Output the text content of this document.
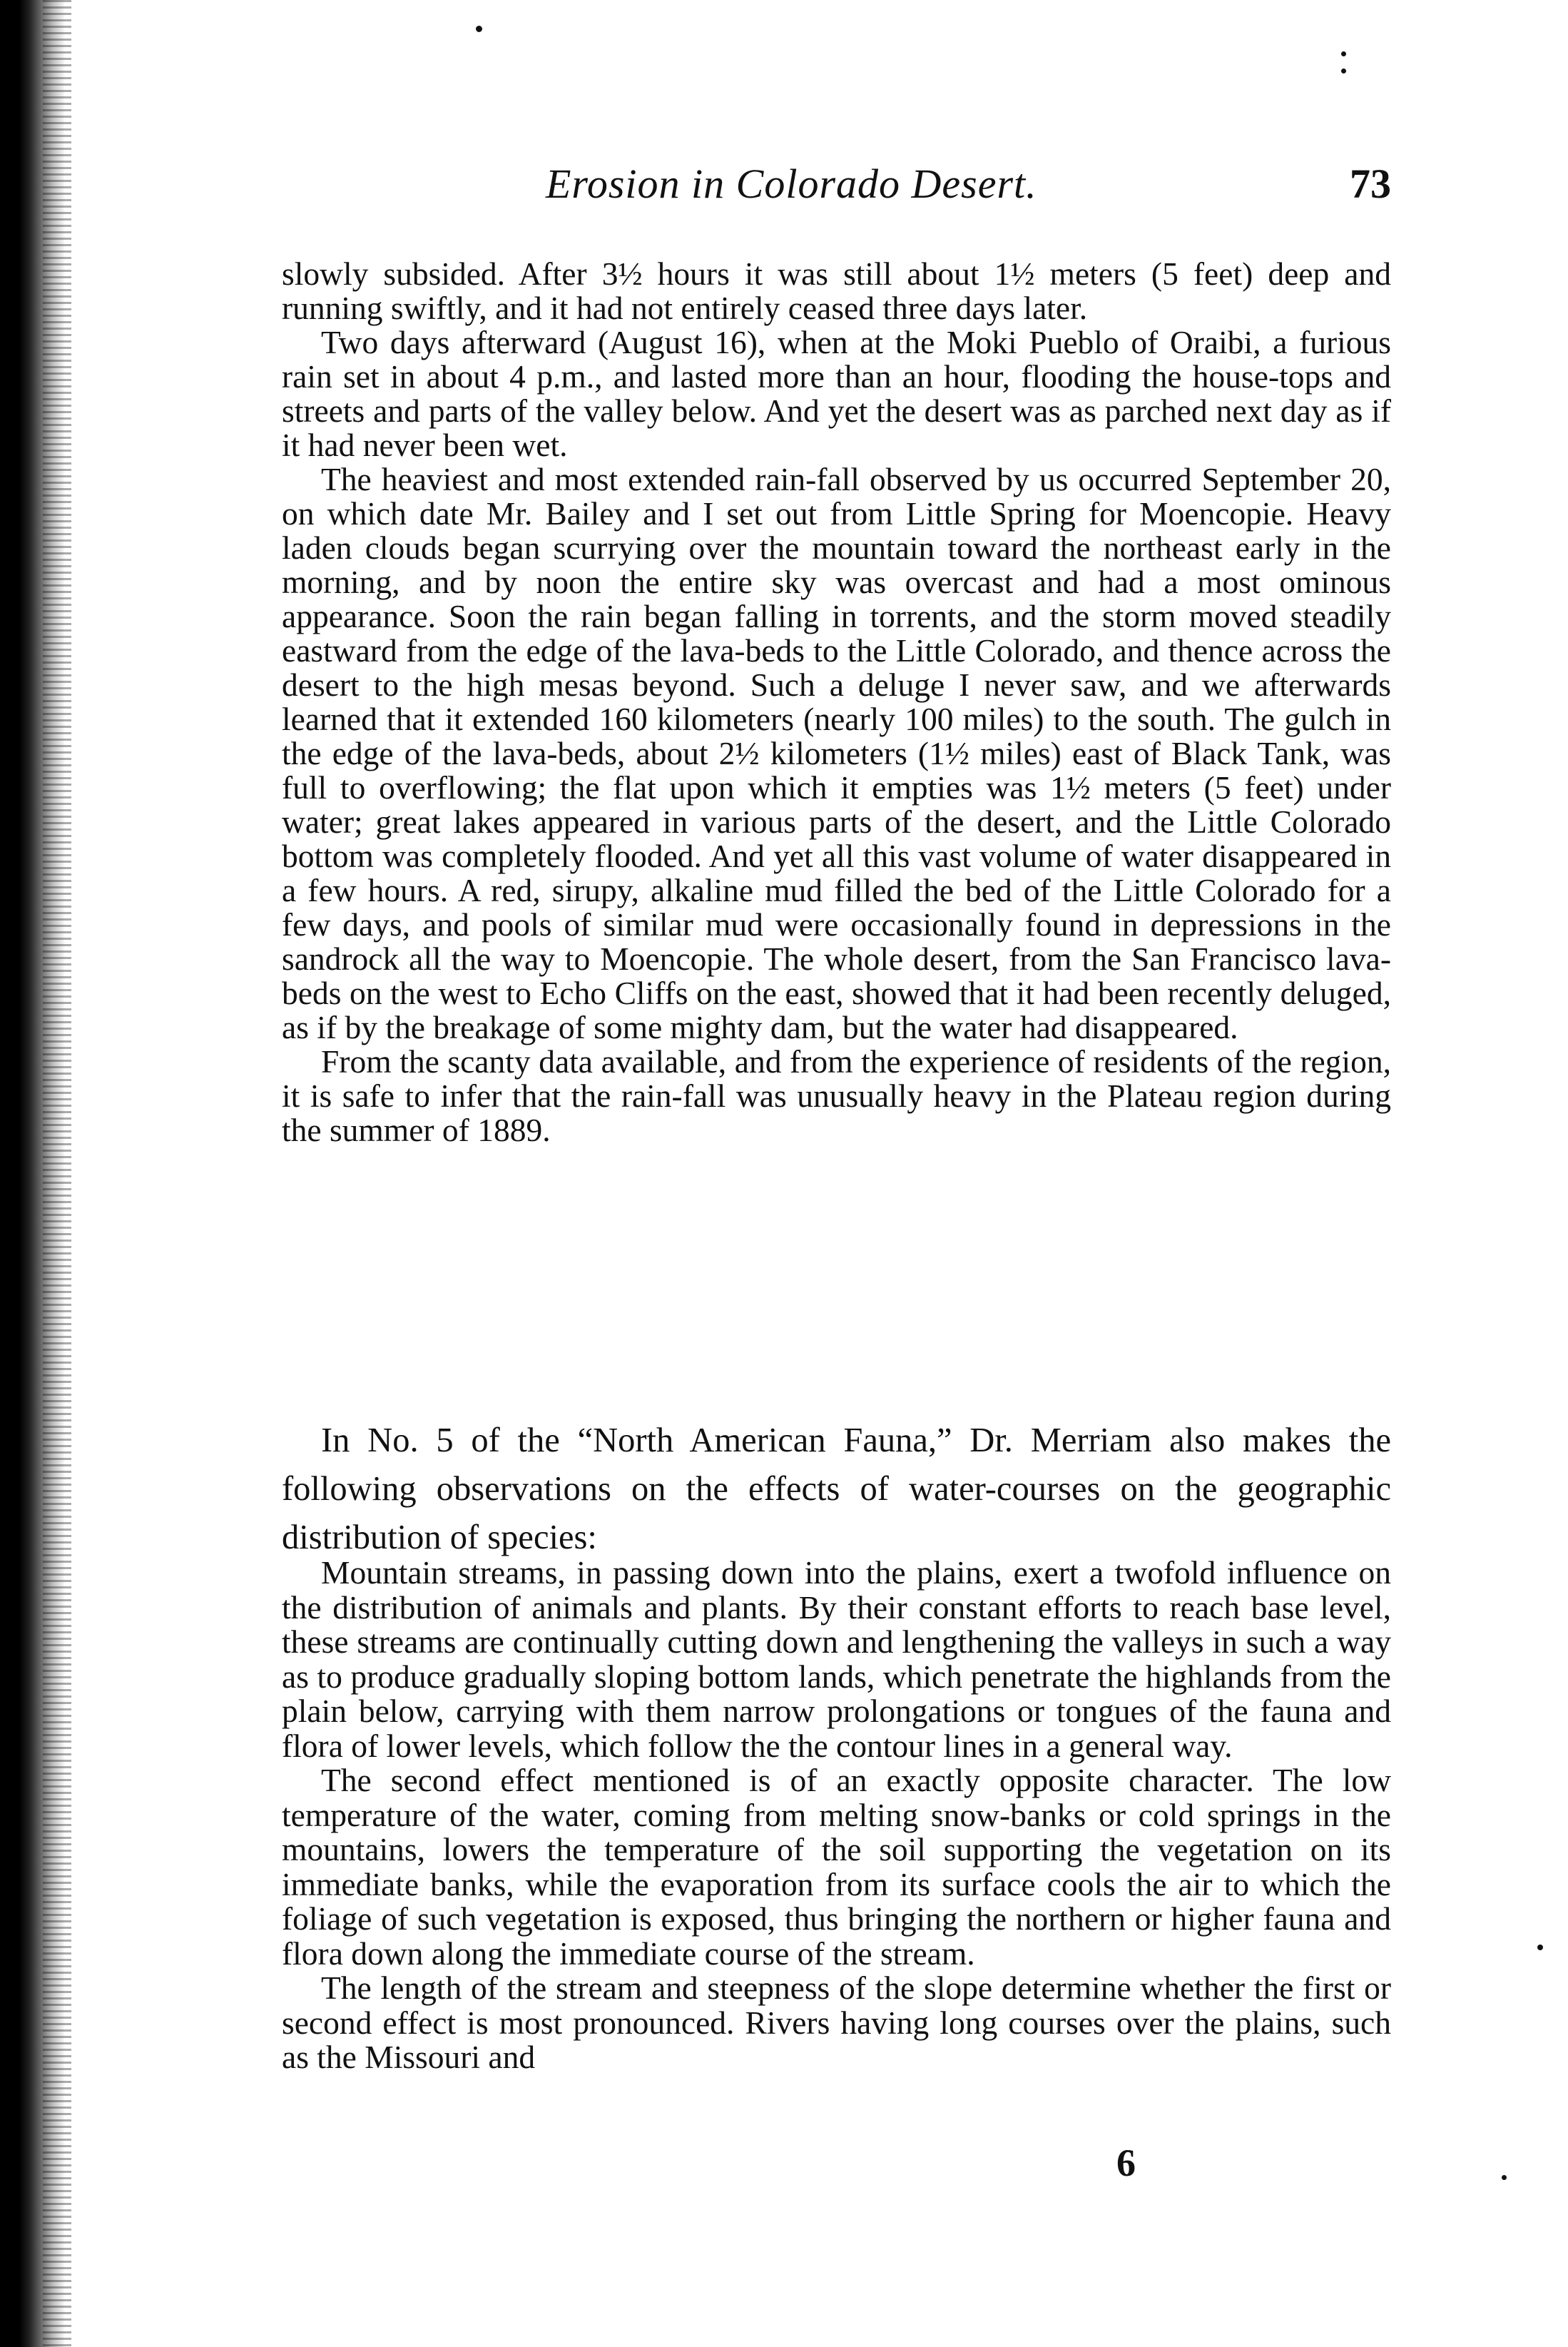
Erosion in Colorado Desert.	73

slowly subsided. After 3½ hours it was still about 1½ meters (5 feet) deep and running swiftly, and it had not entirely ceased three days later.

Two days afterward (August 16), when at the Moki Pueblo of Oraibi, a furious rain set in about 4 p.m., and lasted more than an hour, flooding the house-tops and streets and parts of the valley below. And yet the desert was as parched next day as if it had never been wet.

The heaviest and most extended rain-fall observed by us occurred September 20, on which date Mr. Bailey and I set out from Little Spring for Moencopie. Heavy laden clouds began scurrying over the mountain toward the northeast early in the morning, and by noon the entire sky was overcast and had a most ominous appearance. Soon the rain began falling in torrents, and the storm moved steadily eastward from the edge of the lava-beds to the Little Colorado, and thence across the desert to the high mesas beyond. Such a deluge I never saw, and we afterwards learned that it extended 160 kilometers (nearly 100 miles) to the south. The gulch in the edge of the lava-beds, about 2½ kilometers (1½ miles) east of Black Tank, was full to overflowing; the flat upon which it empties was 1½ meters (5 feet) under water; great lakes appeared in various parts of the desert, and the Little Colorado bottom was completely flooded. And yet all this vast volume of water disappeared in a few hours. A red, sirupy, alkaline mud filled the bed of the Little Colorado for a few days, and pools of similar mud were occasionally found in depressions in the sandrock all the way to Moencopie. The whole desert, from the San Francisco lava-beds on the west to Echo Cliffs on the east, showed that it had been recently deluged, as if by the breakage of some mighty dam, but the water had disappeared.

From the scanty data available, and from the experience of residents of the region, it is safe to infer that the rain-fall was unusually heavy in the Plateau region during the summer of 1889.

In No. 5 of the “North American Fauna,” Dr. Merriam also makes the following observations on the effects of water-courses on the geographic distribution of species:

Mountain streams, in passing down into the plains, exert a twofold influence on the distribution of animals and plants. By their constant efforts to reach base level, these streams are continually cutting down and lengthening the valleys in such a way as to produce gradually sloping bottom lands, which penetrate the highlands from the plain below, carrying with them narrow prolongations or tongues of the fauna and flora of lower levels, which follow the the contour lines in a general way.

The second effect mentioned is of an exactly opposite character. The low temperature of the water, coming from melting snow-banks or cold springs in the mountains, lowers the temperature of the soil supporting the vegetation on its immediate banks, while the evaporation from its surface cools the air to which the foliage of such vegetation is exposed, thus bringing the northern or higher fauna and flora down along the immediate course of the stream.

The length of the stream and steepness of the slope determine whether the first or second effect is most pronounced. Rivers having long courses over the plains, such as the Missouri and

6
